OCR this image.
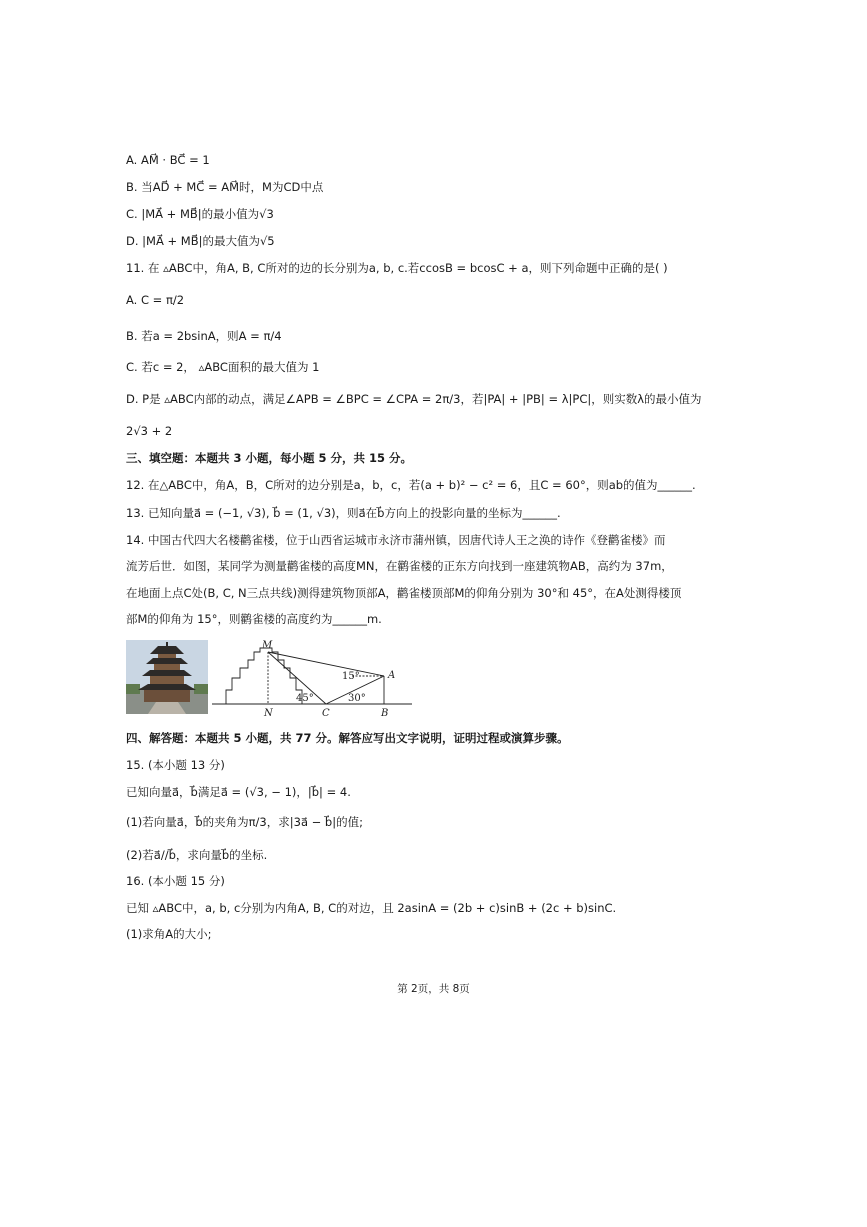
A. AM⃗ · BC⃗ = 1
B. 当AD⃗ + MC⃗ = AM⃗时，M为CD中点
C. |MA⃗ + MB⃗|的最小值为√3
D. |MA⃗ + MB⃗|的最大值为√5
11. 在 ▵ABC中，角A, B, C所对的边的长分别为a, b, c.若ccosB = bcosC + a，则下列命题中正确的是( )
A. C = π/2
B. 若a = 2bsinA，则A = π/4
C. 若c = 2， ▵ABC面积的最大值为 1
D. P是 ▵ABC内部的动点，满足∠APB = ∠BPC = ∠CPA = 2π/3，若|PA| + |PB| = λ|PC|，则实数λ的最小值为
2√3 + 2
三、填空题：本题共 3 小题，每小题 5 分，共 15 分。
12. 在△ABC中，角A，B，C所对的边分别是a，b，c，若(a + b)² − c² = 6，且C = 60°，则ab的值为______.
13. 已知向量a⃗ = (−1, √3), b⃗ = (1, √3)，则a⃗在b⃗方向上的投影向量的坐标为______.
14. 中国古代四大名楼鹳雀楼，位于山西省运城市永济市蒲州镇，因唐代诗人王之涣的诗作《登鹳雀楼》而
流芳后世．如图，某同学为测量鹳雀楼的高度MN，在鹳雀楼的正东方向找到一座建筑物AB，高约为 37m，
在地面上点C处(B, C, N三点共线)测得建筑物顶部A，鹳雀楼顶部M的仰角分别为 30°和 45°，在A处测得楼顶
部M的仰角为 15°，则鹳雀楼的高度约为______m.
M
A
N	C	B
15°
45°	30°
四、解答题：本题共 5 小题，共 77 分。解答应写出文字说明，证明过程或演算步骤。
15. (本小题 13 分)
已知向量a⃗，b⃗满足a⃗ = (√3, − 1)，|b⃗| = 4.
(1)若向量a⃗，b⃗的夹角为π/3，求|3a⃗ − b⃗|的值;
(2)若a⃗//b⃗，求向量b⃗的坐标.
16. (本小题 15 分)
已知 ▵ABC中，a, b, c分别为内角A, B, C的对边，且 2asinA = (2b + c)sinB + (2c + b)sinC.
(1)求角A的大小;
第 2页，共 8页
